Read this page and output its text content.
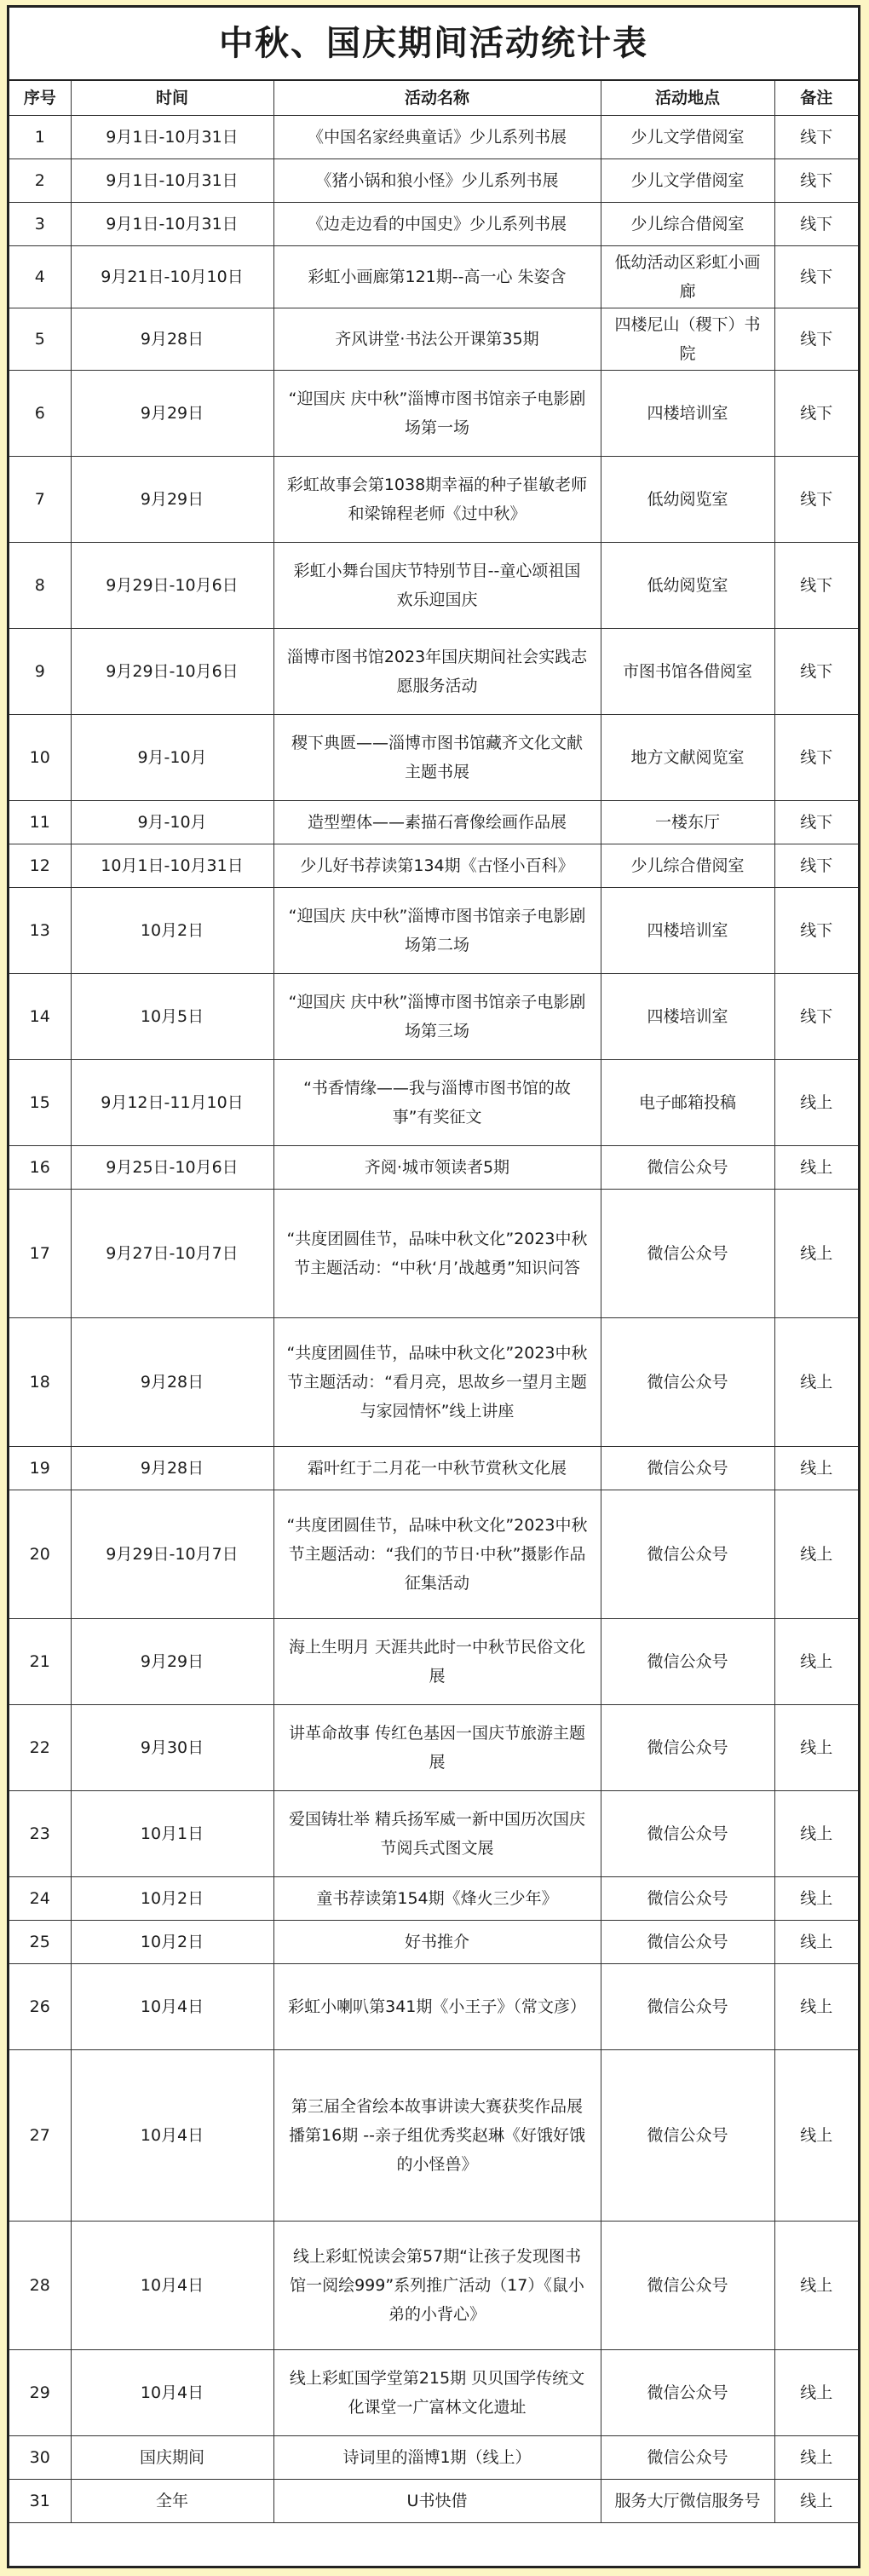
中秋、国庆期间活动统计表
序号	时间	活动名称	活动地点	备注
1	9月1日-10月31日	《中国名家经典童话》少儿系列书展	少儿文学借阅室	线下
2	9月1日-10月31日	《猪小锅和狼小怪》少儿系列书展	少儿文学借阅室	线下
3	9月1日-10月31日	《边走边看的中国史》少儿系列书展	少儿综合借阅室	线下
4	9月21日-10月10日	彩虹小画廊第121期--高一心 朱姿含	低幼活动区彩虹小画廊	线下
5	9月28日	齐风讲堂·书法公开课第35期	四楼尼山（稷下）书院	线下
6	9月29日	“迎国庆 庆中秋”淄博市图书馆亲子电影剧场第一场	四楼培训室	线下
7	9月29日	彩虹故事会第1038期幸福的种子崔敏老师和梁锦程老师《过中秋》	低幼阅览室	线下
8	9月29日-10月6日	彩虹小舞台国庆节特别节目--童心颂祖国 欢乐迎国庆	低幼阅览室	线下
9	9月29日-10月6日	淄博市图书馆2023年国庆期间社会实践志愿服务活动	市图书馆各借阅室	线下
10	9月-10月	稷下典匮——淄博市图书馆藏齐文化文献主题书展	地方文献阅览室	线下
11	9月-10月	造型塑体——素描石膏像绘画作品展	一楼东厅	线下
12	10月1日-10月31日	少儿好书荐读第134期《古怪小百科》	少儿综合借阅室	线下
13	10月2日	“迎国庆 庆中秋”淄博市图书馆亲子电影剧场第二场	四楼培训室	线下
14	10月5日	“迎国庆 庆中秋”淄博市图书馆亲子电影剧场第三场	四楼培训室	线下
15	9月12日-11月10日	“书香情缘——我与淄博市图书馆的故事”有奖征文	电子邮箱投稿	线上
16	9月25日-10月6日	齐阅·城市领读者5期	微信公众号	线上
17	9月27日-10月7日	“共度团圆佳节，品味中秋文化”2023中秋节主题活动：“中秋‘月’战越勇”知识问答	微信公众号	线上
18	9月28日	“共度团圆佳节，品味中秋文化”2023中秋节主题活动：“看月亮，思故乡一望月主题与家园情怀”线上讲座	微信公众号	线上
19	9月28日	霜叶红于二月花一中秋节赏秋文化展	微信公众号	线上
20	9月29日-10月7日	“共度团圆佳节，品味中秋文化”2023中秋节主题活动：“我们的节日·中秋”摄影作品征集活动	微信公众号	线上
21	9月29日	海上生明月 天涯共此时一中秋节民俗文化展	微信公众号	线上
22	9月30日	讲革命故事 传红色基因一国庆节旅游主题展	微信公众号	线上
23	10月1日	爱国铸壮举 精兵扬军威一新中国历次国庆节阅兵式图文展	微信公众号	线上
24	10月2日	童书荐读第154期《烽火三少年》	微信公众号	线上
25	10月2日	好书推介	微信公众号	线上
26	10月4日	彩虹小喇叭第341期《小王子》（常文彦）	微信公众号	线上
27	10月4日	第三届全省绘本故事讲读大赛获奖作品展播第16期 --亲子组优秀奖赵琳《好饿好饿的小怪兽》	微信公众号	线上
28	10月4日	线上彩虹悦读会第57期“让孩子发现图书馆一阅绘999”系列推广活动（17）《鼠小弟的小背心》	微信公众号	线上
29	10月4日	线上彩虹国学堂第215期 贝贝国学传统文化课堂一广富林文化遗址	微信公众号	线上
30	国庆期间	诗词里的淄博1期（线上）	微信公众号	线上
31	全年	U书快借	服务大厅微信服务号	线上
